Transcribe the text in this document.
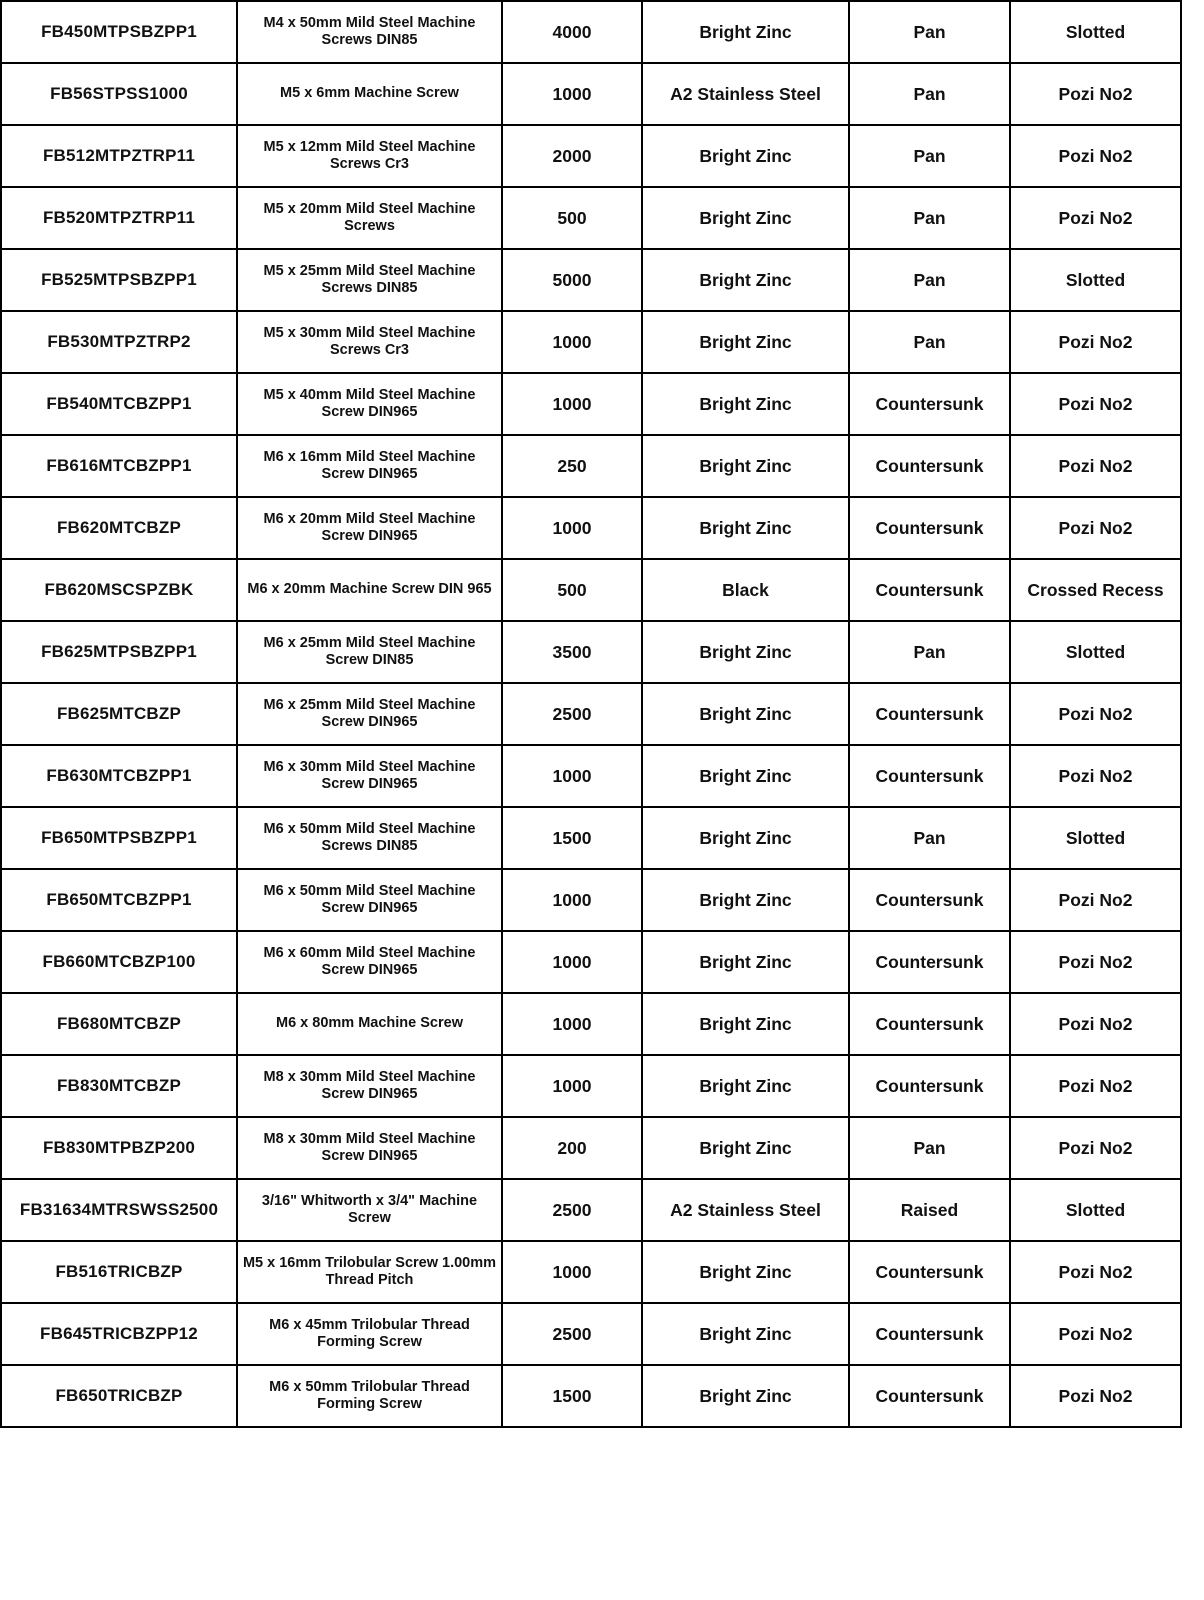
FB450MTPSBZPP1	M4 x 50mm Mild Steel Machine Screws DIN85	4000	Bright Zinc	Pan	Slotted
FB56STPSS1000	M5 x 6mm Machine Screw	1000	A2 Stainless Steel	Pan	Pozi No2
FB512MTPZTRP11	M5 x 12mm Mild Steel Machine Screws Cr3	2000	Bright Zinc	Pan	Pozi No2
FB520MTPZTRP11	M5 x 20mm Mild Steel Machine Screws	500	Bright Zinc	Pan	Pozi No2
FB525MTPSBZPP1	M5 x 25mm Mild Steel Machine Screws DIN85	5000	Bright Zinc	Pan	Slotted
FB530MTPZTRP2	M5 x 30mm Mild Steel Machine Screws Cr3	1000	Bright Zinc	Pan	Pozi No2
FB540MTCBZPP1	M5 x 40mm Mild Steel Machine Screw DIN965	1000	Bright Zinc	Countersunk	Pozi No2
FB616MTCBZPP1	M6 x 16mm Mild Steel Machine Screw DIN965	250	Bright Zinc	Countersunk	Pozi No2
FB620MTCBZP	M6 x 20mm Mild Steel Machine Screw DIN965	1000	Bright Zinc	Countersunk	Pozi No2
FB620MSCSPZBK	M6 x 20mm Machine Screw DIN 965	500	Black	Countersunk	Crossed Recess
FB625MTPSBZPP1	M6 x 25mm Mild Steel Machine Screw DIN85	3500	Bright Zinc	Pan	Slotted
FB625MTCBZP	M6 x 25mm Mild Steel Machine Screw DIN965	2500	Bright Zinc	Countersunk	Pozi No2
FB630MTCBZPP1	M6 x 30mm Mild Steel Machine Screw DIN965	1000	Bright Zinc	Countersunk	Pozi No2
FB650MTPSBZPP1	M6 x 50mm Mild Steel Machine Screws DIN85	1500	Bright Zinc	Pan	Slotted
FB650MTCBZPP1	M6 x 50mm Mild Steel Machine Screw DIN965	1000	Bright Zinc	Countersunk	Pozi No2
FB660MTCBZP100	M6 x 60mm Mild Steel Machine Screw DIN965	1000	Bright Zinc	Countersunk	Pozi No2
FB680MTCBZP	M6 x 80mm Machine Screw	1000	Bright Zinc	Countersunk	Pozi No2
FB830MTCBZP	M8 x 30mm Mild Steel Machine Screw DIN965	1000	Bright Zinc	Countersunk	Pozi No2
FB830MTPBZP200	M8 x 30mm Mild Steel Machine Screw DIN965	200	Bright Zinc	Pan	Pozi No2
FB31634MTRSWSS2500	3/16" Whitworth x 3/4" Machine Screw	2500	A2 Stainless Steel	Raised	Slotted
FB516TRICBZP	M5 x 16mm Trilobular Screw 1.00mm Thread Pitch	1000	Bright Zinc	Countersunk	Pozi No2
FB645TRICBZPP12	M6 x 45mm Trilobular Thread Forming Screw	2500	Bright Zinc	Countersunk	Pozi No2
FB650TRICBZP	M6 x 50mm Trilobular Thread Forming Screw	1500	Bright Zinc	Countersunk	Pozi No2
